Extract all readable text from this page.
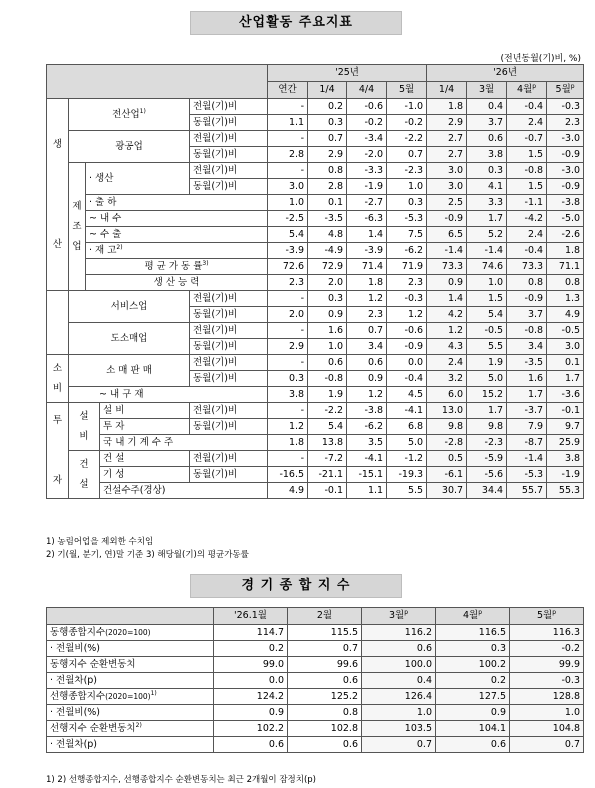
산업활동 주요지표
(전년동월(기)비, %)
					'25년				'26년			
					연간	1/4	4/4	5월	1/4	3월	4월$^p$	5월$^p$
생

산	전산업$^{1)}$			전월(기)비	-	0.2	-0.6	-1.0	1.8	0.4	-0.4	-0.3
				동월(기)비	1.1	0.3	-0.2	-0.2	2.9	3.7	2.4	2.3
	광공업			전월(기)비	-	0.7	-3.4	-2.2	2.7	0.6	-0.7	-3.0
				동월(기)비	2.8	2.9	-2.0	0.7	2.7	3.8	1.5	-0.9
	제
조
업	· 생산		전월(기)비	-	0.8	-3.3	-2.3	3.0	0.3	-0.8	-3.0
				동월(기)비	3.0	2.8	-1.9	1.0	3.0	4.1	1.5	-0.9
		· 출 하			1.0	0.1	-2.7	0.3	2.5	3.3	-1.1	-3.8
		~ 내 수			-2.5	-3.5	-6.3	-5.3	-0.9	1.7	-4.2	-5.0
		~ 수 출			5.4	4.8	1.4	7.5	6.5	5.2	2.4	-2.6
		· 재 고$^{2)}$			-3.9	-4.9	-3.9	-6.2	-1.4	-1.4	-0.4	1.8
		평 균 가 동 률$^{3)}$			72.6	72.9	71.4	71.9	73.3	74.6	73.3	71.1
		생 산 능 력			2.3	2.0	1.8	2.3	0.9	1.0	0.8	0.8
	서비스업			전월(기)비	-	0.3	1.2	-0.3	1.4	1.5	-0.9	1.3
				동월(기)비	2.0	0.9	2.3	1.2	4.2	5.4	3.7	4.9
	도소매업			전월(기)비	-	1.6	0.7	-0.6	1.2	-0.5	-0.8	-0.5
				동월(기)비	2.9	1.0	3.4	-0.9	4.3	5.5	3.4	3.0
소
비	소 매 판 매			전월(기)비	-	0.6	0.6	0.0	2.4	1.9	-3.5	0.1
				동월(기)비	0.3	-0.8	0.9	-0.4	3.2	5.0	1.6	1.7
	~ 내 구 재				3.8	1.9	1.2	4.5	6.0	15.2	1.7	-3.6
투

자	설
비		설 비	전월(기)비	-	-2.2	-3.8	-4.1	13.0	1.7	-3.7	-0.1
			투 자	동월(기)비	1.2	5.4	-6.2	6.8	9.8	9.8	7.9	9.7
			국 내 기 계 수 주		1.8	13.8	3.5	5.0	-2.8	-2.3	-8.7	25.9
	건
설		건 설	전월(기)비	-	-7.2	-4.1	-1.2	0.5	-5.9	-1.4	3.8
			기 성	동월(기)비	-16.5	-21.1	-15.1	-19.3	-6.1	-5.6	-5.3	-1.9
			건설수주(경상)		4.9	-0.1	1.1	5.5	30.7	34.4	55.7	55.3
1) 농림어업을 제외한 수치임
2) 기(월, 분기, 연)말 기준 3) 해당월(기)의 평균가동률
경 기 종 합 지 수
	'26.1월	2월	3월$^p$	4월$^p$	5월$^p$
동행종합지수(2020=100)	114.7	115.5	116.2	116.5	116.3
· 전월비(%)	0.2	0.7	0.6	0.3	-0.2
동행지수 순환변동치	99.0	99.6	100.0	100.2	99.9
· 전월차(p)	0.0	0.6	0.4	0.2	-0.3
선행종합지수(2020=100)$^{1)}$	124.2	125.2	126.4	127.5	128.8
· 전월비(%)	0.9	0.8	1.0	0.9	1.0
선행지수 순환변동치$^{2)}$	102.2	102.8	103.5	104.1	104.8
· 전월차(p)	0.6	0.6	0.7	0.6	0.7
1) 2) 선행종합지수, 선행종합지수 순환변동치는 최근 2개월이 잠정치(p)
